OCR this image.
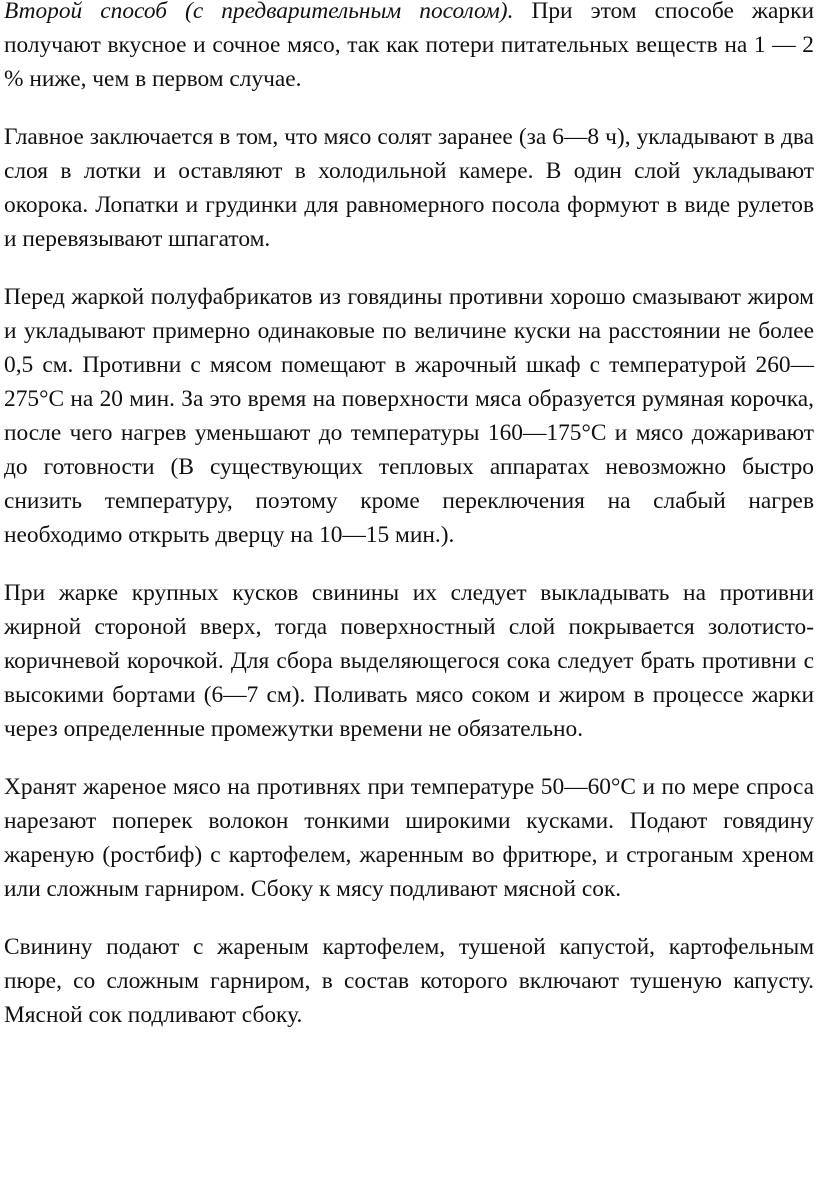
Второй способ (с предварительным посолом). При этом способе жарки получают вкусное и сочное мясо, так как потери питательных веществ на 1 — 2 % ниже, чем в первом случае.

Главное заключается в том, что мясо солят заранее (за 6—8 ч), укладывают в два слоя в лотки и оставляют в холодильной камере. В один слой укладывают окорока. Лопатки и грудинки для равномерного посола формуют в виде рулетов и перевязывают шпагатом.

Перед жаркой полуфабрикатов из говядины противни хорошо смазывают жиром и укладывают примерно одинаковые по величине куски на расстоянии не более 0,5 см. Противни с мясом помещают в жарочный шкаф с температурой 260—275°С на 20 мин. За это время на поверхности мяса образуется румяная корочка, после чего нагрев уменьшают до температуры 160—175°С и мясо дожаривают до готовности (В существующих тепловых аппаратах невозможно быстро снизить температуру, поэтому кроме переключения на слабый нагрев необходимо открыть дверцу на 10—15 мин.).

При жарке крупных кусков свинины их следует выкладывать на противни жирной стороной вверх, тогда поверхностный слой покрывается золотисто-коричневой корочкой. Для сбора выделяющегося сока следует брать противни с высокими бортами (6—7 см). Поливать мясо соком и жиром в процессе жарки через определенные промежутки времени не обязательно.

Хранят жареное мясо на противнях при температуре 50—60°С и по мере спроса нарезают поперек волокон тонкими широкими кусками. Подают говядину жареную (ростбиф) с картофелем, жаренным во фритюре, и строганым хреном или сложным гарниром. Сбоку к мясу подливают мясной сок.

Свинину подают с жареным картофелем, тушеной капустой, картофельным пюре, со сложным гарниром, в состав которого включают тушеную капусту. Мясной сок подливают сбоку.
